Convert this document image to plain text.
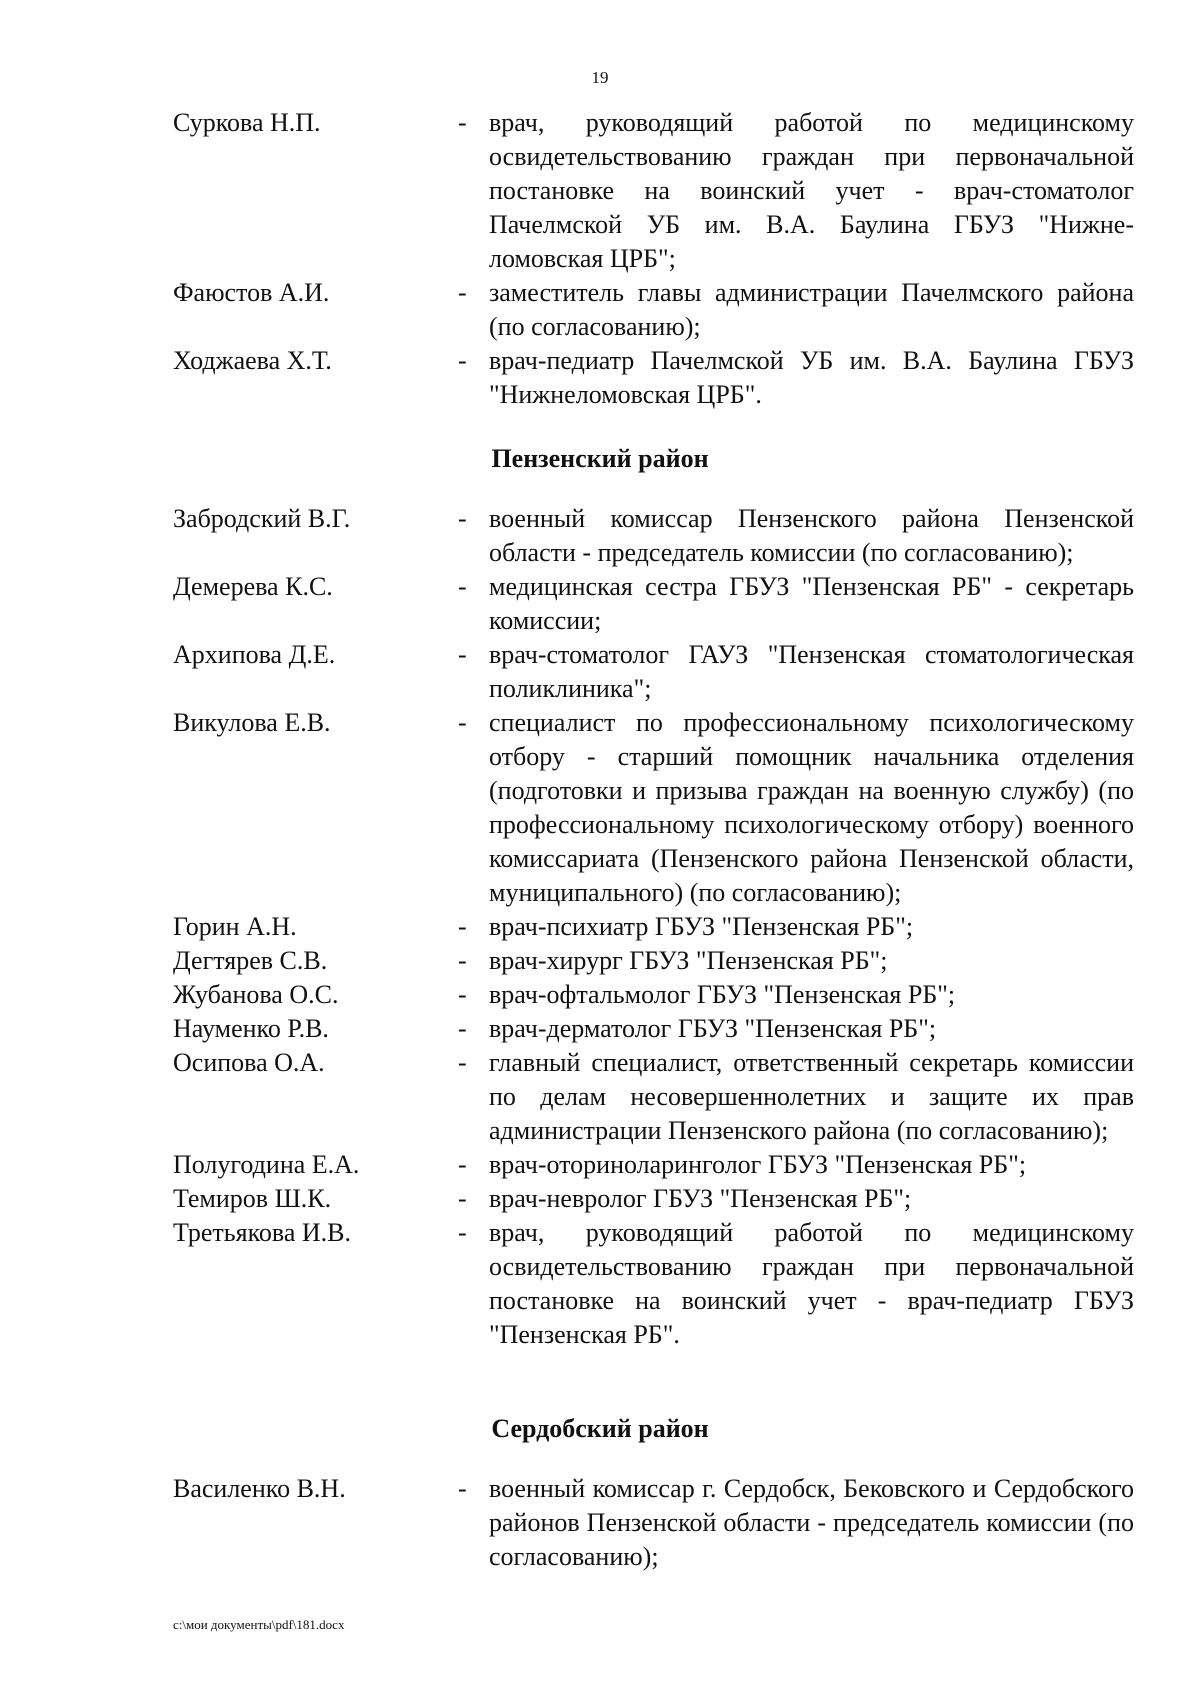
19
Суркова Н.П.	- врач, руководящий работой по медицинскому освидетельствованию граждан при первоначальной постановке на воинский учет - врач-стоматолог Пачелмской УБ им. В.А. Баулина ГБУЗ "Нижне-ломовская ЦРБ";
Фаюстов А.И.	- заместитель главы администрации Пачелмского района (по согласованию);
Ходжаева Х.Т.	- врач-педиатр Пачелмской УБ им. В.А. Баулина ГБУЗ "Нижнеломовская ЦРБ".
Пензенский район
Забродский В.Г.	- военный комиссар Пензенского района Пензенской области - председатель комиссии (по согласованию);
Демерева К.С.	- медицинская сестра ГБУЗ "Пензенская РБ" - секретарь комиссии;
Архипова Д.Е.	- врач-стоматолог ГАУЗ "Пензенская стоматологическая поликлиника";
Викулова Е.В.	- специалист по профессиональному психологическому отбору - старший помощник начальника отделения (подготовки и призыва граждан на военную службу) (по профессиональному психологическому отбору) военного комиссариата (Пензенского района Пензенской области, муниципального) (по согласованию);
Горин А.Н.	- врач-психиатр ГБУЗ "Пензенская РБ";
Дегтярев С.В.	- врач-хирург ГБУЗ "Пензенская РБ";
Жубанова О.С.	- врач-офтальмолог ГБУЗ "Пензенская РБ";
Науменко Р.В.	- врач-дерматолог ГБУЗ "Пензенская РБ";
Осипова О.А.	- главный специалист, ответственный секретарь комиссии по делам несовершеннолетних и защите их прав администрации Пензенского района (по согласованию);
Полугодина Е.А.	- врач-оториноларинголог ГБУЗ "Пензенская РБ";
Темиров Ш.К.	- врач-невролог ГБУЗ "Пензенская РБ";
Третьякова И.В.	- врач, руководящий работой по медицинскому освидетельствованию граждан при первоначальной постановке на воинский учет - врач-педиатр ГБУЗ "Пензенская РБ".
Сердобский район
Василенко В.Н.	- военный комиссар г. Сердобск, Бековского и Сердобского районов Пензенской области - председатель комиссии (по согласованию);
c:\мои документы\pdf\181.docx
